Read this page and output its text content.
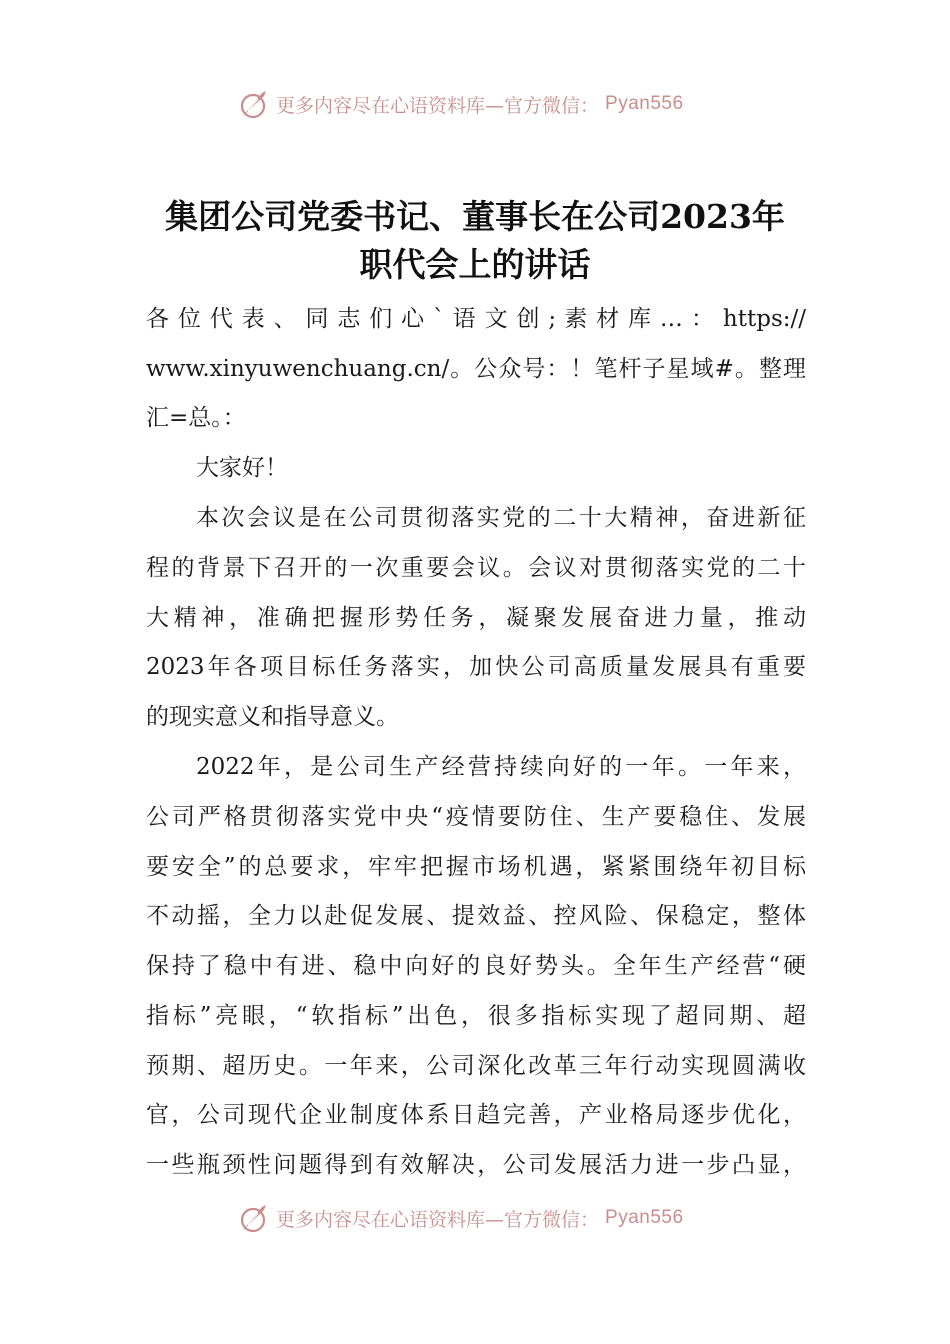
更多内容尽在心语资料库—官方微信： Pyan556
集团公司党委书记、董事长在公司2023年
职代会上的讲话
各 位 代 表 、 同 志 们 心 ` 语 文 创 ; 素 材 库 … ： https://
www.xinyuwenchuang.cn/。公众号：！笔杆子星域#。整理
汇=总。：
大家好！
本次会议是在公司贯彻落实党的二十大精神，奋进新征
程的背景下召开的一次重要会议。会议对贯彻落实党的二十
大精神，准确把握形势任务，凝聚发展奋进力量，推动
2023年各项目标任务落实，加快公司高质量发展具有重要
的现实意义和指导意义。
2022年，是公司生产经营持续向好的一年。一年来，
公司严格贯彻落实党中央“疫情要防住、生产要稳住、发展
要安全”的总要求，牢牢把握市场机遇，紧紧围绕年初目标
不动摇，全力以赴促发展、提效益、控风险、保稳定，整体
保持了稳中有进、稳中向好的良好势头。全年生产经营“硬
指标”亮眼，“软指标”出色，很多指标实现了超同期、超
预期、超历史。一年来，公司深化改革三年行动实现圆满收
官，公司现代企业制度体系日趋完善，产业格局逐步优化，
一些瓶颈性问题得到有效解决，公司发展活力进一步凸显，
更多内容尽在心语资料库—官方微信： Pyan556
